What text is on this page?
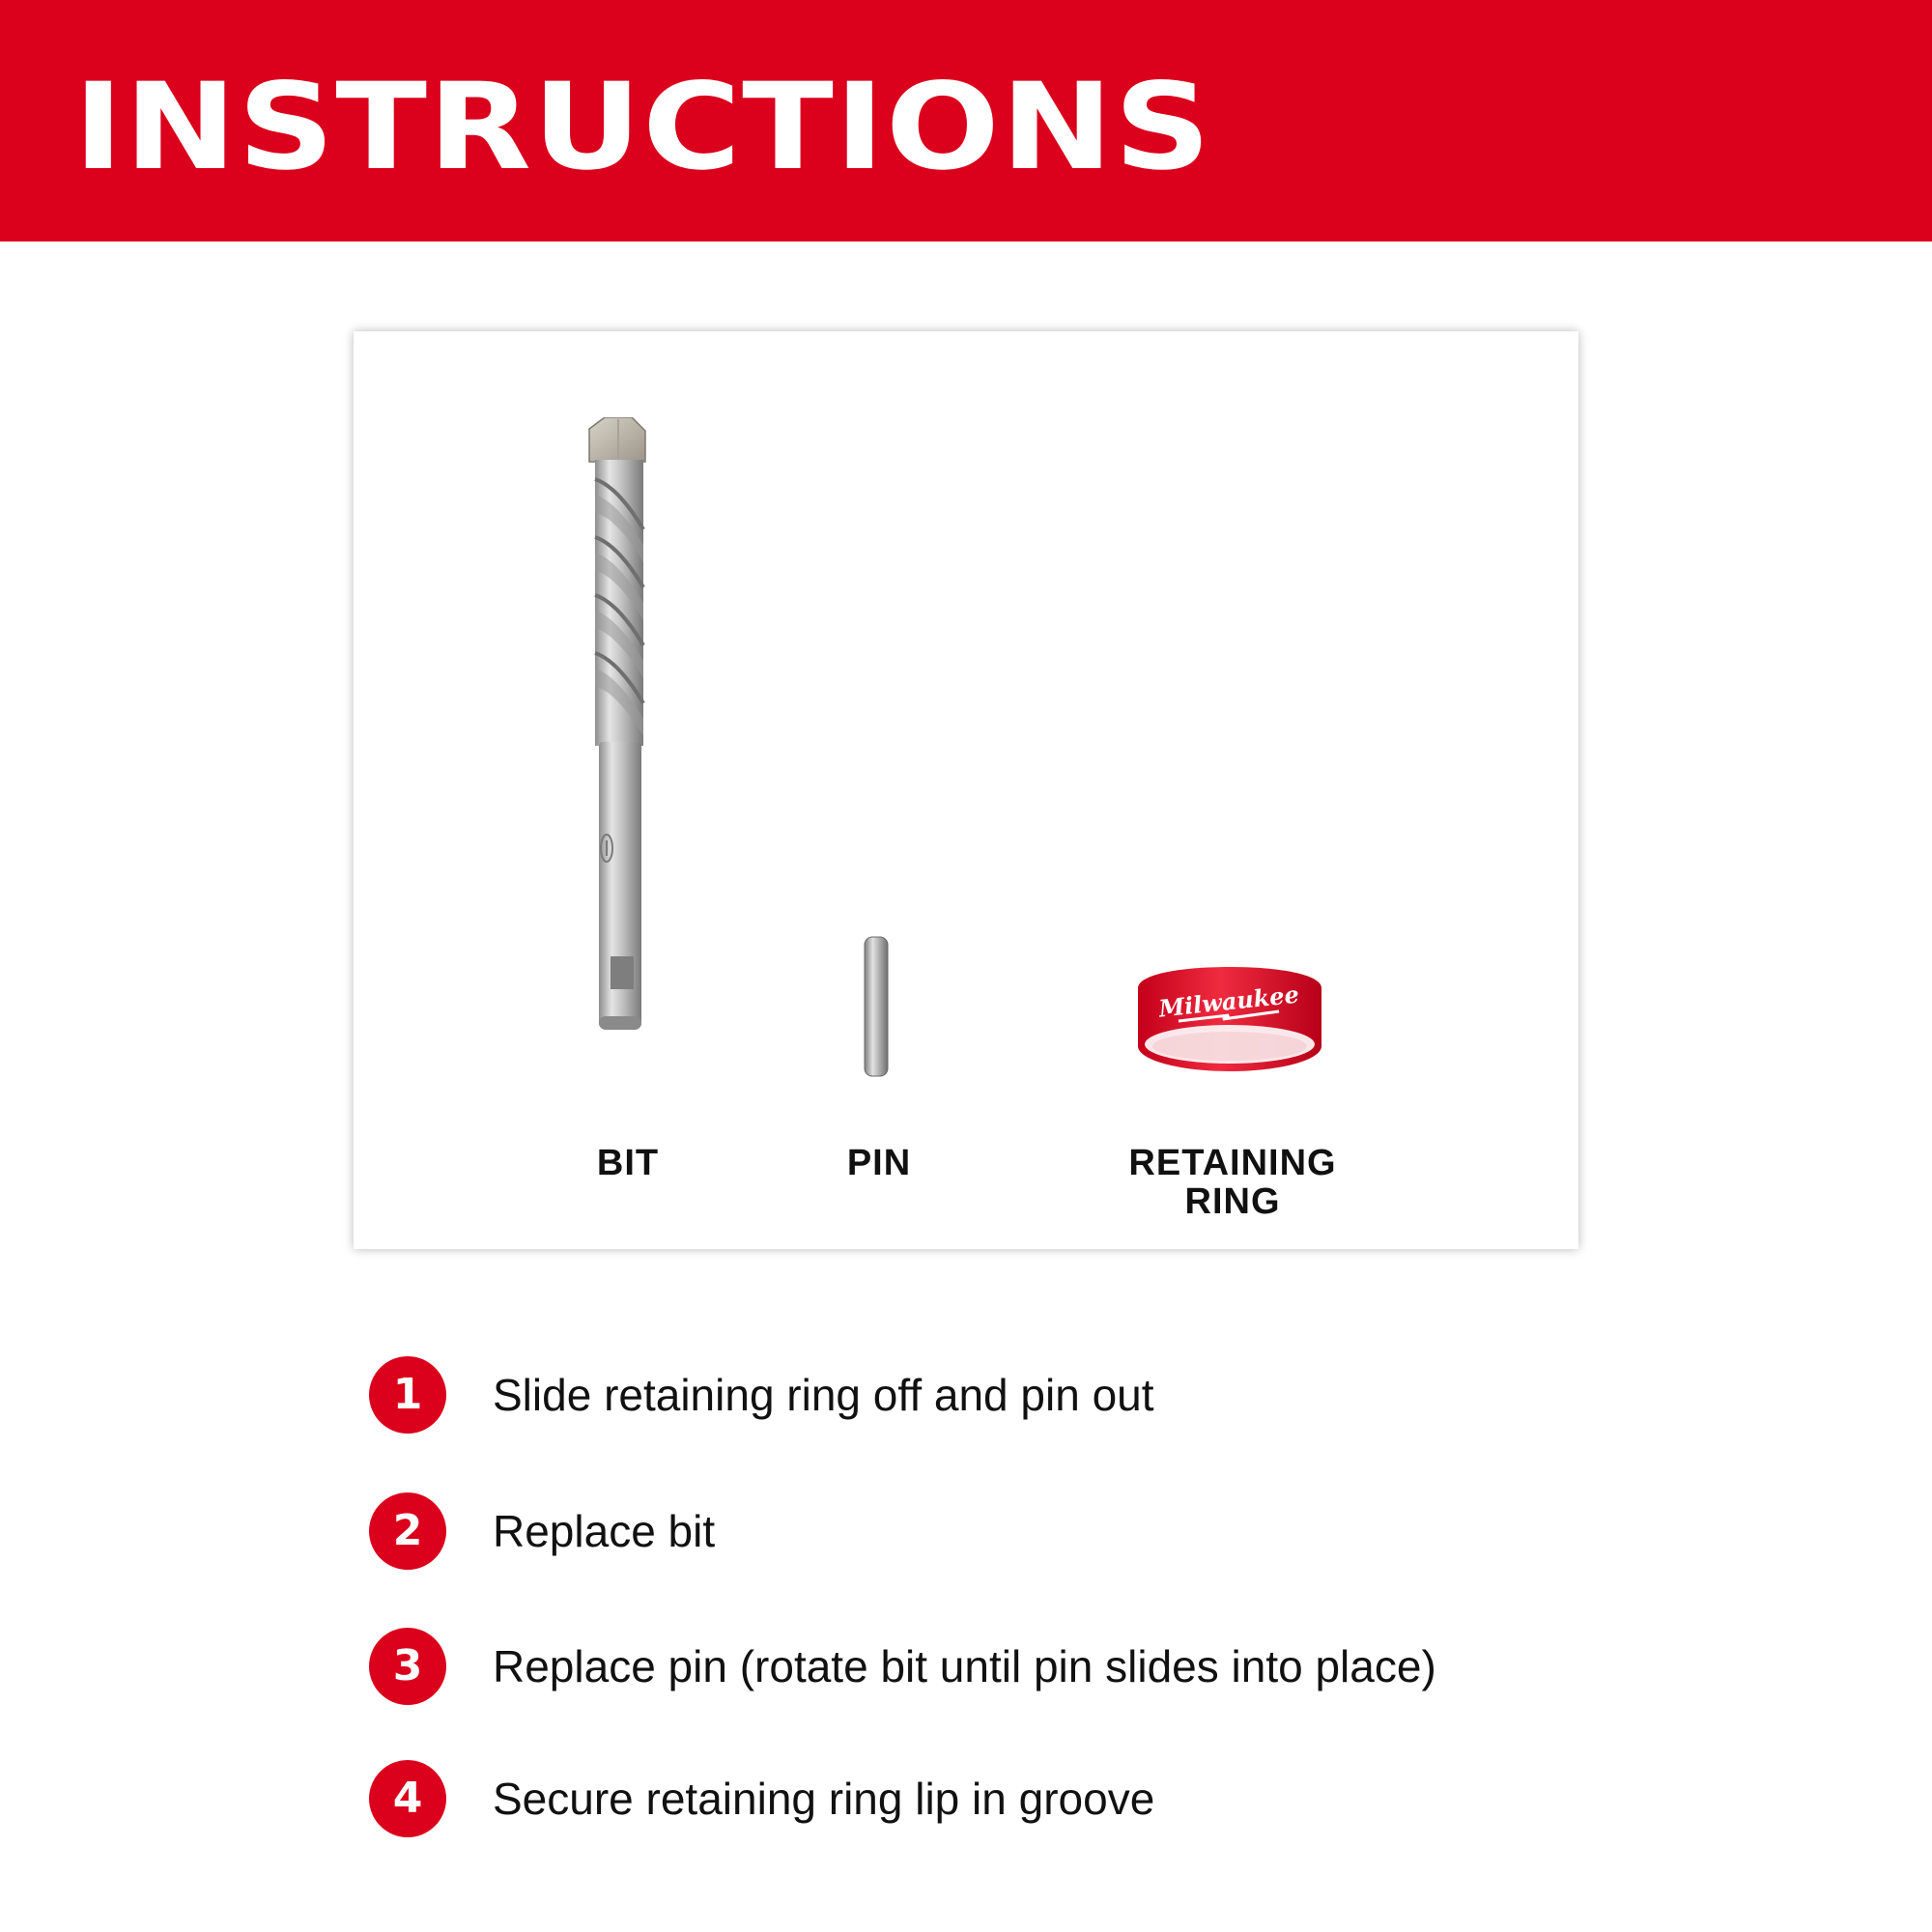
INSTRUCTIONS
Milwaukee

BIT	PIN	RETAINING
RING

1	Slide retaining ring off and pin out

2	Replace bit

3	Replace pin (rotate bit until pin slides into place)

4	Secure retaining ring lip in groove
